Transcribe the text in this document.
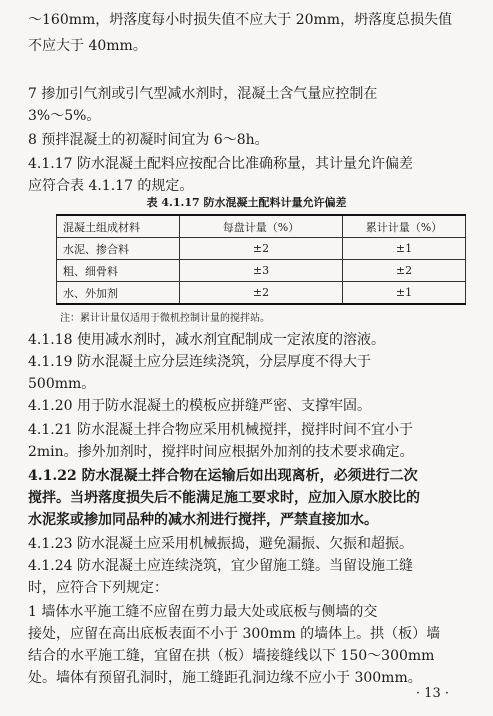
～160mm，坍落度每小时损失值不应大于 20mm，坍落度总损失值
不应大于 40mm。
7 掺加引气剂或引气型减水剂时，混凝土含气量应控制在
3%～5%。
8 预拌混凝土的初凝时间宜为 6～8h。
4.1.17 防水混凝土配料应按配合比准确称量，其计量允许偏差
应符合表 4.1.17 的规定。
表 4.1.17 防水混凝土配料计量允许偏差
混凝土组成材料	每盘计量（%）	累计计量（%）
水泥、掺合料	±2	±1
粗、细骨料	±3	±2
水、外加剂	±2	±1
注：累计计量仅适用于微机控制计量的搅拌站。
4.1.18 使用减水剂时，减水剂宜配制成一定浓度的溶液。
4.1.19 防水混凝土应分层连续浇筑，分层厚度不得大于
500mm。
4.1.20 用于防水混凝土的模板应拼缝严密、支撑牢固。
4.1.21 防水混凝土拌合物应采用机械搅拌，搅拌时间不宜小于
2min。掺外加剂时，搅拌时间应根据外加剂的技术要求确定。
4.1.22 防水混凝土拌合物在运输后如出现离析，必须进行二次
搅拌。当坍落度损失后不能满足施工要求时，应加入原水胶比的
水泥浆或掺加同品种的减水剂进行搅拌，严禁直接加水。
4.1.23 防水混凝土应采用机械振捣，避免漏振、欠振和超振。
4.1.24 防水混凝土应连续浇筑，宜少留施工缝。当留设施工缝
时，应符合下列规定：
1 墙体水平施工缝不应留在剪力最大处或底板与侧墙的交
接处，应留在高出底板表面不小于 300mm 的墙体上。拱（板）墙
结合的水平施工缝，宜留在拱（板）墙接缝线以下 150～300mm
处。墙体有预留孔洞时，施工缝距孔洞边缘不应小于 300mm。
· 13 ·
